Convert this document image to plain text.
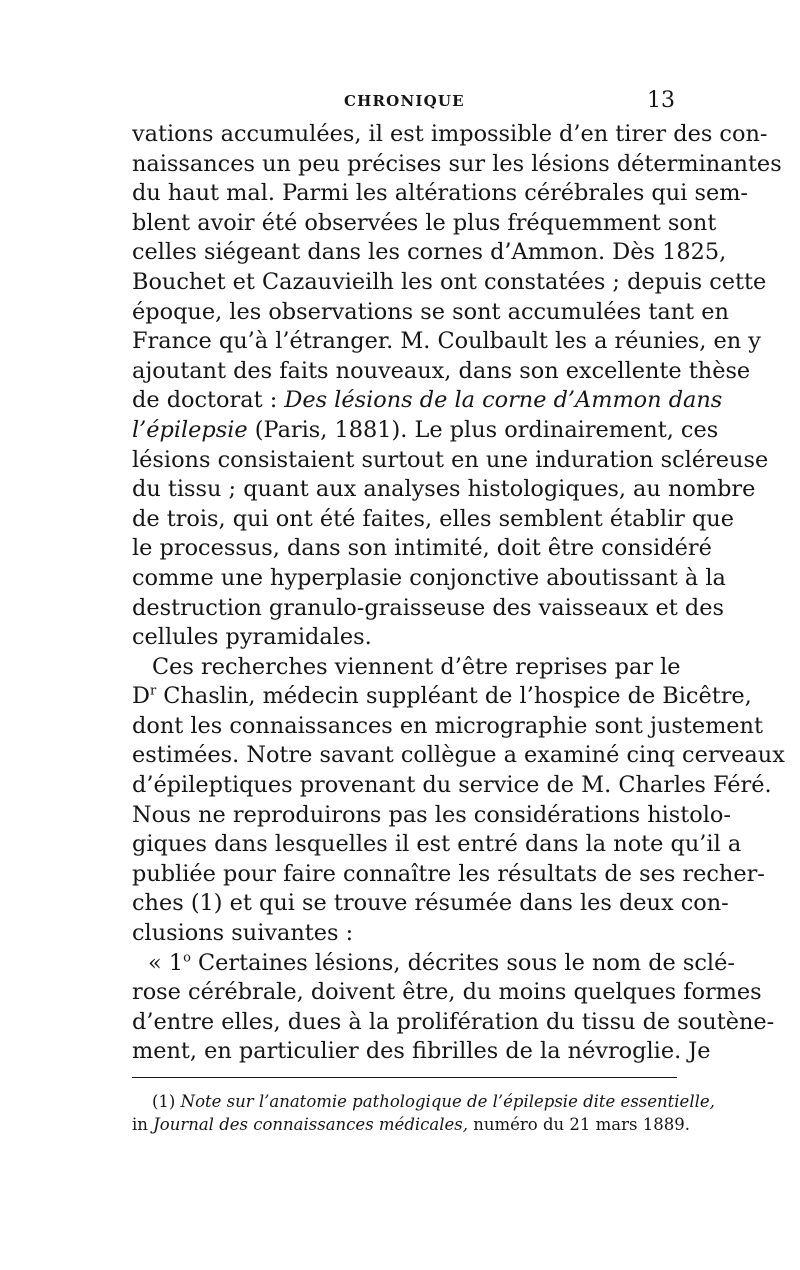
CHRONIQUE	13
vations accumulées, il est impossible d’en tirer des con-
naissances un peu précises sur les lésions déterminantes
du haut mal. Parmi les altérations cérébrales qui sem-
blent avoir été observées le plus fréquemment sont
celles siégeant dans les cornes d’Ammon. Dès 1825,
Bouchet et Cazauvieilh les ont constatées ; depuis cette
époque, les observations se sont accumulées tant en
France qu’à l’étranger. M. Coulbault les a réunies, en y
ajoutant des faits nouveaux, dans son excellente thèse
de doctorat : Des lésions de la corne d’Ammon dans
l’épilepsie (Paris, 1881). Le plus ordinairement, ces
lésions consistaient surtout en une induration scléreuse
du tissu ; quant aux analyses histologiques, au nombre
de trois, qui ont été faites, elles semblent établir que
le processus, dans son intimité, doit être considéré
comme une hyperplasie conjonctive aboutissant à la
destruction granulo-graisseuse des vaisseaux et des
cellules pyramidales.
Ces recherches viennent d’être reprises par le
$D^r$ Chaslin, médecin suppléant de l’hospice de Bicêtre,
dont les connaissances en micrographie sont justement
estimées. Notre savant collègue a examiné cinq cerveaux
d’épileptiques provenant du service de M. Charles Féré.
Nous ne reproduirons pas les considérations histolo-
giques dans lesquelles il est entré dans la note qu’il a
publiée pour faire connaître les résultats de ses recher-
ches (1) et qui se trouve résumée dans les deux con-
clusions suivantes :
« 1$^o$ Certaines lésions, décrites sous le nom de sclé-
rose cérébrale, doivent être, du moins quelques formes
d’entre elles, dues à la prolifération du tissu de soutène-
ment, en particulier des fibrilles de la névroglie. Je
(1) Note sur l’anatomie pathologique de l’épilepsie dite essentielle,
in Journal des connaissances médicales, numéro du 21 mars 1889.
